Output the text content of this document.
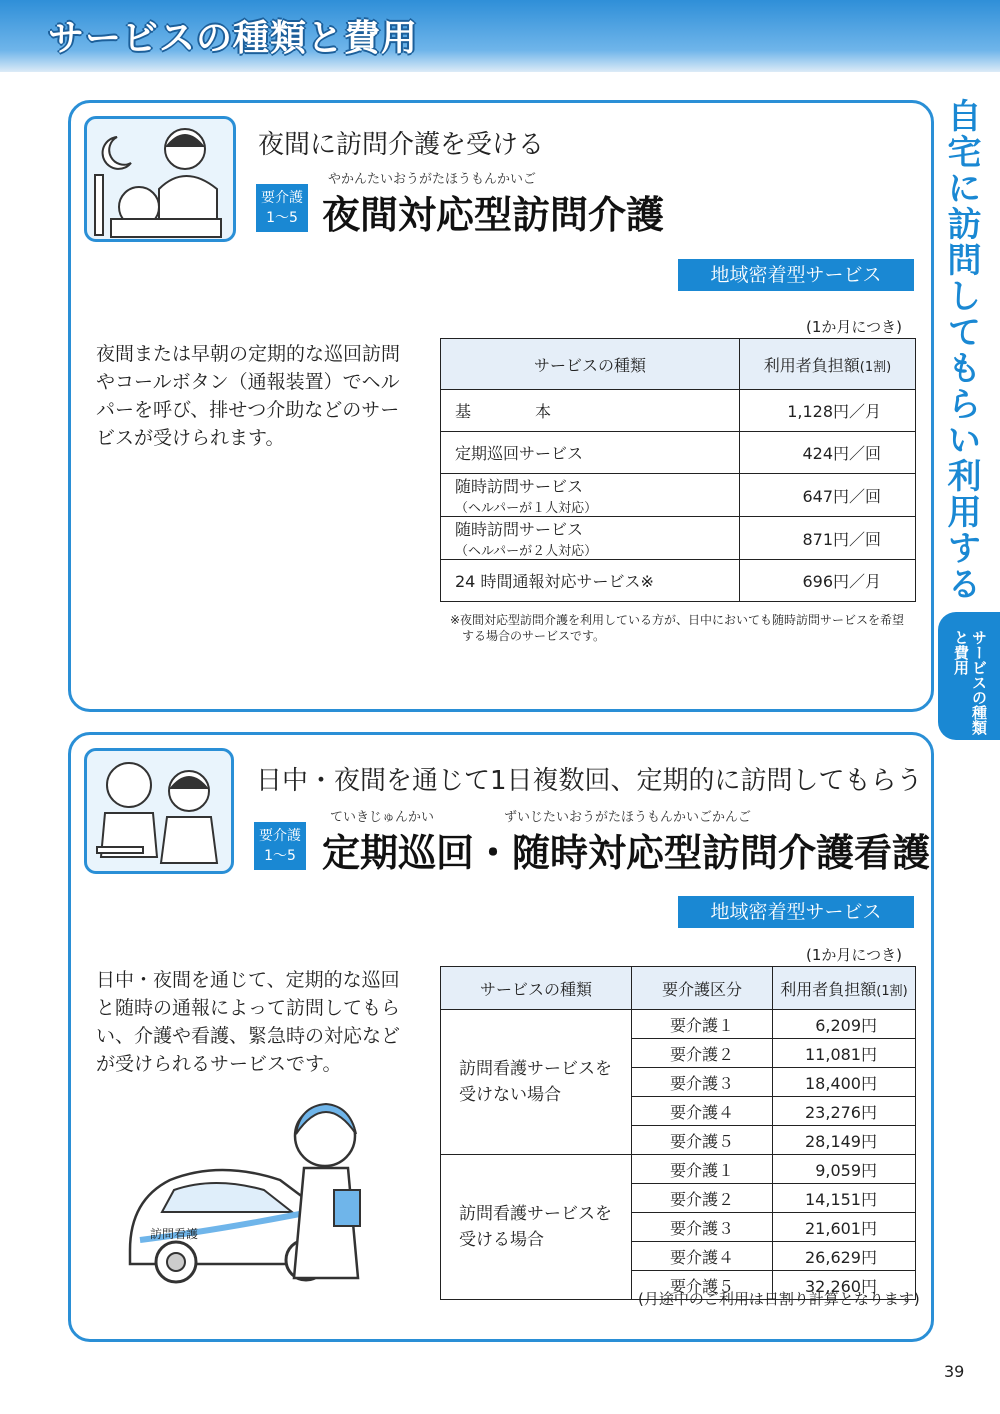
サービスの種類と費用
自宅に訪問してもらい利用する
サービスの種類と費用
夜間に訪問介護を受ける
要介護
1〜5
やかんたいおうがたほうもんかいご
夜間対応型訪問介護
地域密着型サービス
(1か月につき)
夜間または早朝の定期的な巡回訪問
やコールボタン（通報装置）でヘル
パーを呼び、排せつ介助などのサー
ビスが受けられます。
サービスの種類	利用者負担額(1割)
基　　　　本	1,128円／月
定期巡回サービス	424円／回
随時訪問サービス（ヘルパーが１人対応）	647円／回
随時訪問サービス（ヘルパーが２人対応）	871円／回
24 時間通報対応サービス※	696円／月
※夜間対応型訪問介護を利用している方が、日中においても随時訪問サービスを希望
　する場合のサービスです。
日中・夜間を通じて1日複数回、定期的に訪問してもらう
要介護
1〜5
ていきじゅんかい	ずいじたいおうがたほうもんかいごかんご
定期巡回・随時対応型訪問介護看護
地域密着型サービス
(1か月につき)
日中・夜間を通じて、定期的な巡回
と随時の通報によって訪問してもら
い、介護や看護、緊急時の対応など
が受けられるサービスです。
訪問看護
サービスの種類	要介護区分	利用者負担額(1割)

訪問看護サービスを
受けない場合	要介護１	6,209円
	要介護２	11,081円
	要介護３	18,400円
	要介護４	23,276円
	要介護５	28,149円

訪問看護サービスを
受ける場合	要介護１	9,059円
	要介護２	14,151円
	要介護３	21,601円
	要介護４	26,629円
	要介護５	32,260円
(月途中のご利用は日割り計算となります)
39
